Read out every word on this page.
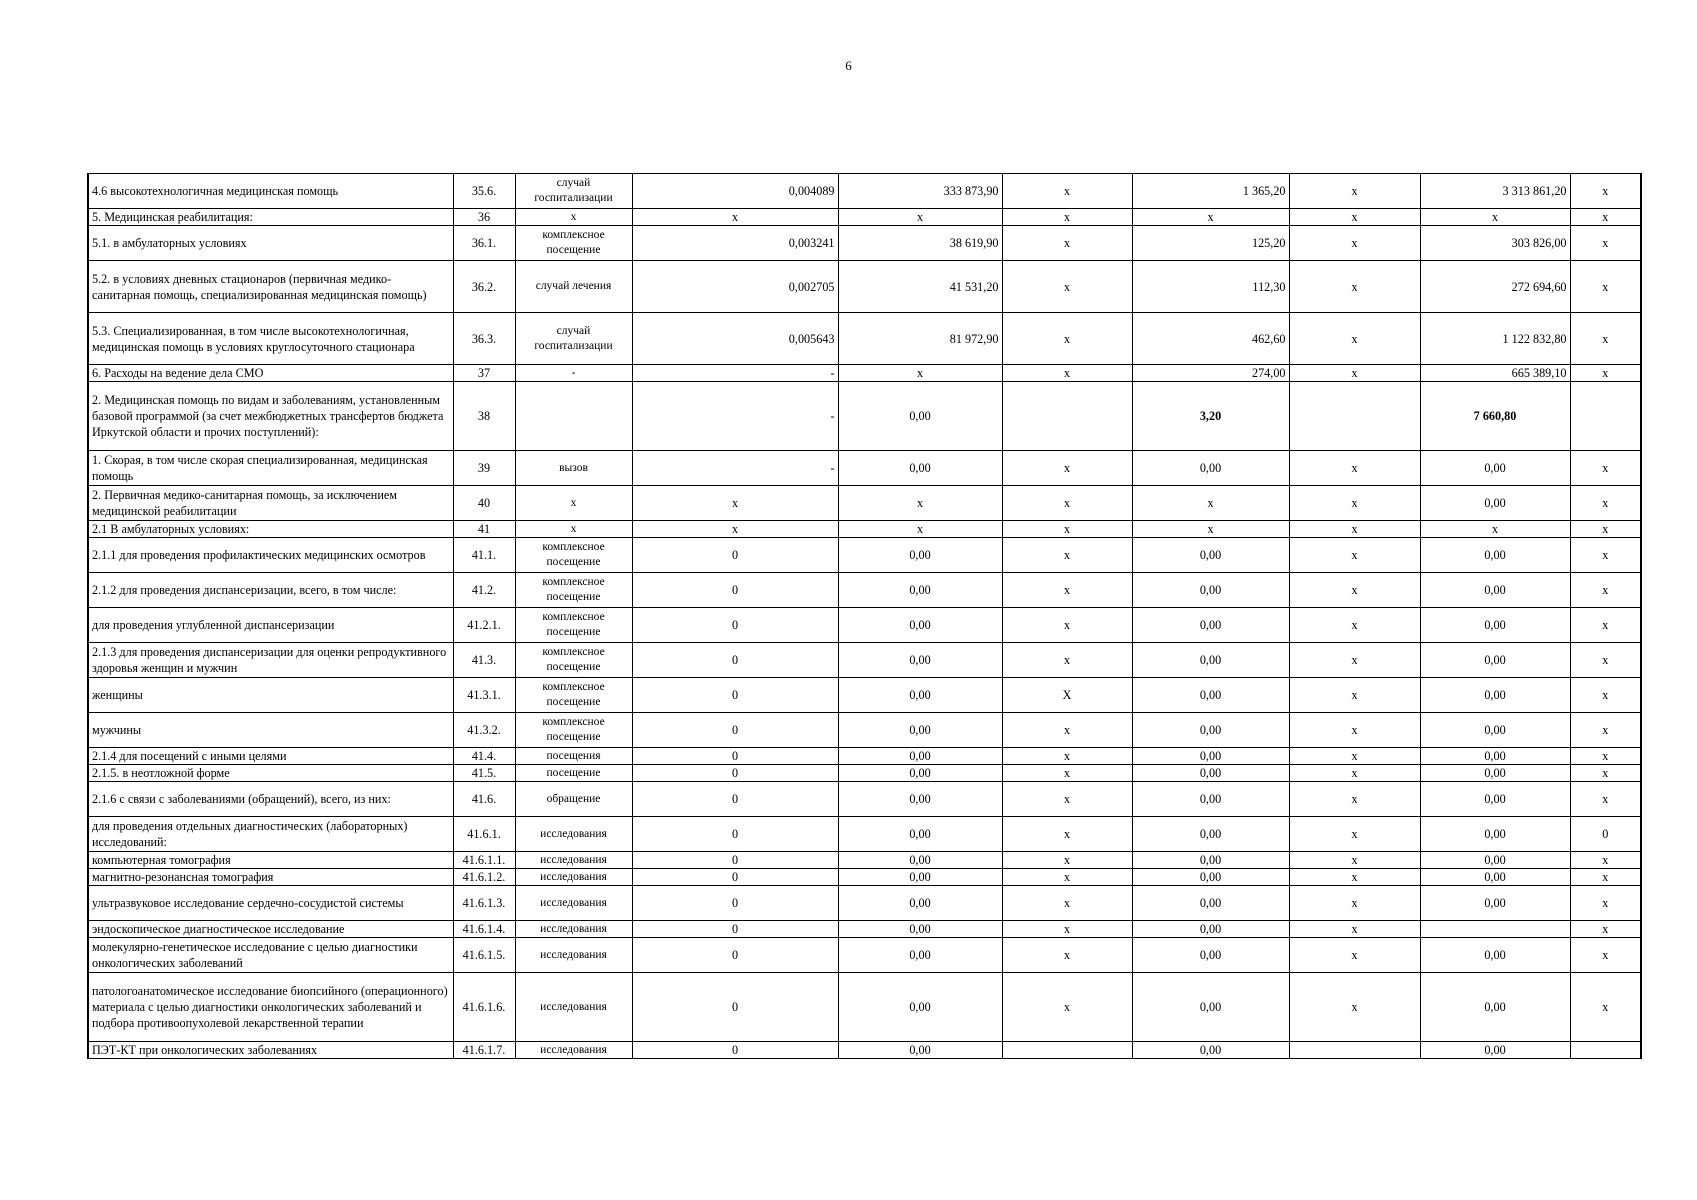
6
4.6 высокотехнологичная медицинская помощь	35.6.	случай госпитализации	0,004089	333 873,90	х	1 365,20	х	3 313 861,20	х
5. Медицинская реабилитация:	36	х	х	х	х	х	х	х	х
5.1. в амбулаторных условиях	36.1.	комплексное посещение	0,003241	38 619,90	х	125,20	х	303 826,00	х
5.2. в условиях дневных стационаров (первичная медико-санитарная помощь, специализированная медицинская помощь)	36.2.	случай лечения	0,002705	41 531,20	х	112,30	х	272 694,60	х
5.3. Специализированная, в том числе высокотехнологичная, медицинская помощь в условиях круглосуточного стационара	36.3.	случай госпитализации	0,005643	81 972,90	х	462,60	х	1 122 832,80	х
6. Расходы на ведение дела СМО	37	-	-	х	х	274,00	х	665 389,10	х
2. Медицинская помощь по видам и заболеваниям, установленным базовой программой (за счет межбюджетных трансфертов бюджета Иркутской области и прочих поступлений):	38		-	0,00		3,20		7 660,80	
1. Скорая, в том числе скорая специализированная, медицинская помощь	39	вызов	-	0,00	х	0,00	х	0,00	х
2. Первичная медико-санитарная помощь, за исключением медицинской реабилитации	40	х	х	х	х	х	х	0,00	х
2.1 В амбулаторных условиях:	41	х	х	х	х	х	х	х	х
2.1.1 для проведения профилактических медицинских осмотров	41.1.	комплексное посещение	0	0,00	х	0,00	х	0,00	х
2.1.2 для проведения диспансеризации, всего, в том числе:	41.2.	комплексное посещение	0	0,00	х	0,00	х	0,00	х
для проведения углубленной диспансеризации	41.2.1.	комплексное посещение	0	0,00	х	0,00	х	0,00	х
2.1.3 для проведения диспансеризации для оценки репродуктивного здоровья женщин и мужчин	41.3.	комплексное посещение	0	0,00	х	0,00	х	0,00	х
женщины	41.3.1.	комплексное посещение	0	0,00	Х	0,00	х	0,00	х
мужчины	41.3.2.	комплексное посещение	0	0,00	х	0,00	х	0,00	х
2.1.4 для посещений с иными целями	41.4.	посещения	0	0,00	х	0,00	х	0,00	х
2.1.5. в неотложной форме	41.5.	посещение	0	0,00	х	0,00	х	0,00	х
2.1.6 с связи с заболеваниями (обращений), всего, из них:	41.6.	обращение	0	0,00	х	0,00	х	0,00	х
для проведения отдельных диагностических (лабораторных) исследований:	41.6.1.	исследования	0	0,00	х	0,00	х	0,00	0
компьютерная томография	41.6.1.1.	исследования	0	0,00	х	0,00	х	0,00	х
магнитно-резонансная томография	41.6.1.2.	исследования	0	0,00	х	0,00	х	0,00	х
ультразвуковое исследование сердечно-сосудистой системы	41.6.1.3.	исследования	0	0,00	х	0,00	х	0,00	х
эндоскопическое диагностическое исследование	41.6.1.4.	исследования	0	0,00	х	0,00	х		х
молекулярно-генетическое исследование с целью диагностики онкологических заболеваний	41.6.1.5.	исследования	0	0,00	х	0,00	х	0,00	х
патологоанатомическое исследование биопсийного (операционного) материала с целью диагностики онкологических заболеваний и подбора противоопухолевой лекарственной терапии	41.6.1.6.	исследования	0	0,00	х	0,00	х	0,00	х
ПЭТ-КТ при онкологических заболеваниях	41.6.1.7.	исследования	0	0,00		0,00		0,00	
